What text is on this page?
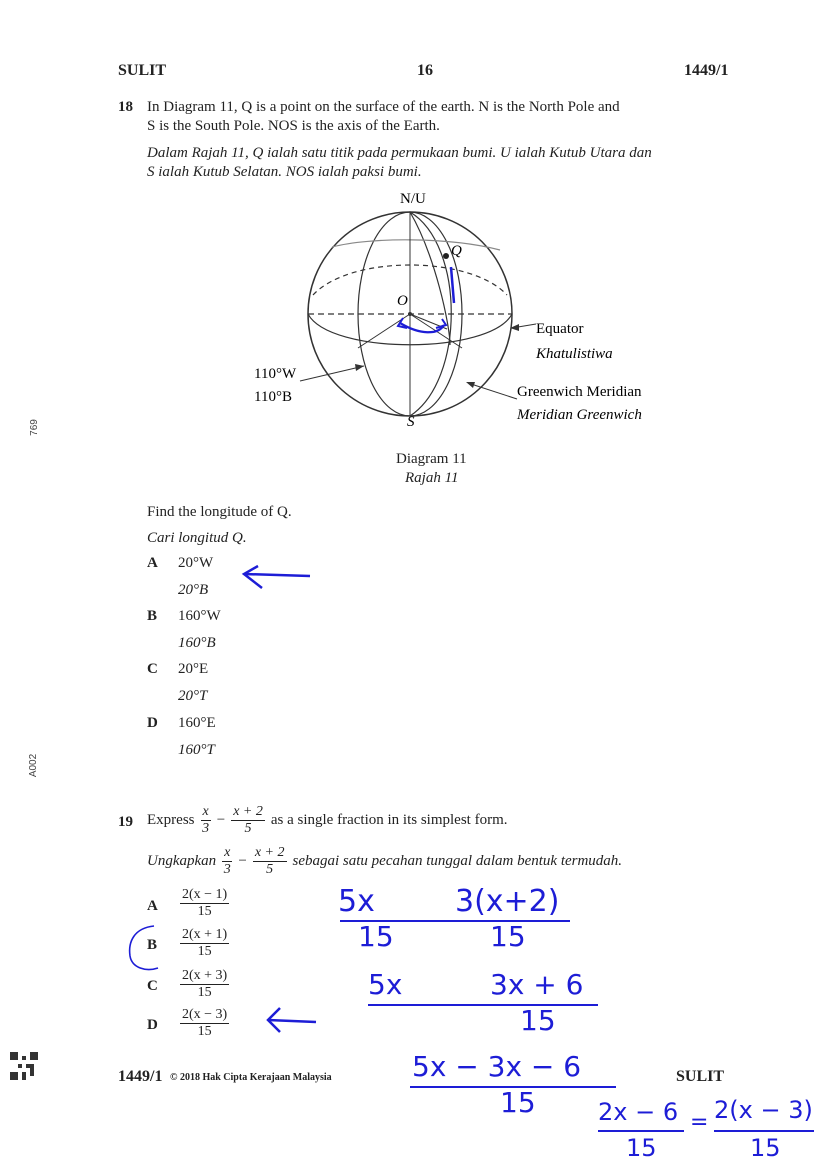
SULIT	16	1449/1
769
A002
18 In Diagram 11, Q is a point on the surface of the earth. N is the North Pole and
S is the South Pole. NOS is the axis of the Earth.
Dalam Rajah 11, Q ialah satu titik pada permukaan bumi. U ialah Kutub Utara dan
S ialah Kutub Selatan. NOS ialah paksi bumi.
N/U
Q
O
S
110°W
110°B
Equator
Khatulistiwa
Greenwich Meridian
Meridian Greenwich
Diagram 11
Rajah 11
Find the longitude of Q.
Cari longitud Q.
A 20°W
20°B
B 160°W
160°B
C 20°E
20°T
D 160°E
160°T
19 Express $\frac{x}{3} - \frac{x + 2}{5}$ as a single fraction in its simplest form.
Ungkapkan $\frac{x}{3} - \frac{x + 2}{5}$ sebagai satu pecahan tunggal dalam bentuk termudah.
A $\frac{2(x - 1)}{15}$
B $\frac{2(x + 1)}{15}$
C $\frac{2(x + 3)}{15}$
D $\frac{2(x - 3)}{15}$
5x	3(x+2)
15	15
5x	3x + 6
15
5x − 3x − 6
15	2x − 6 = 2(x − 3)
15	15
1449/1 © 2018 Hak Cipta Kerajaan Malaysia	SULIT
